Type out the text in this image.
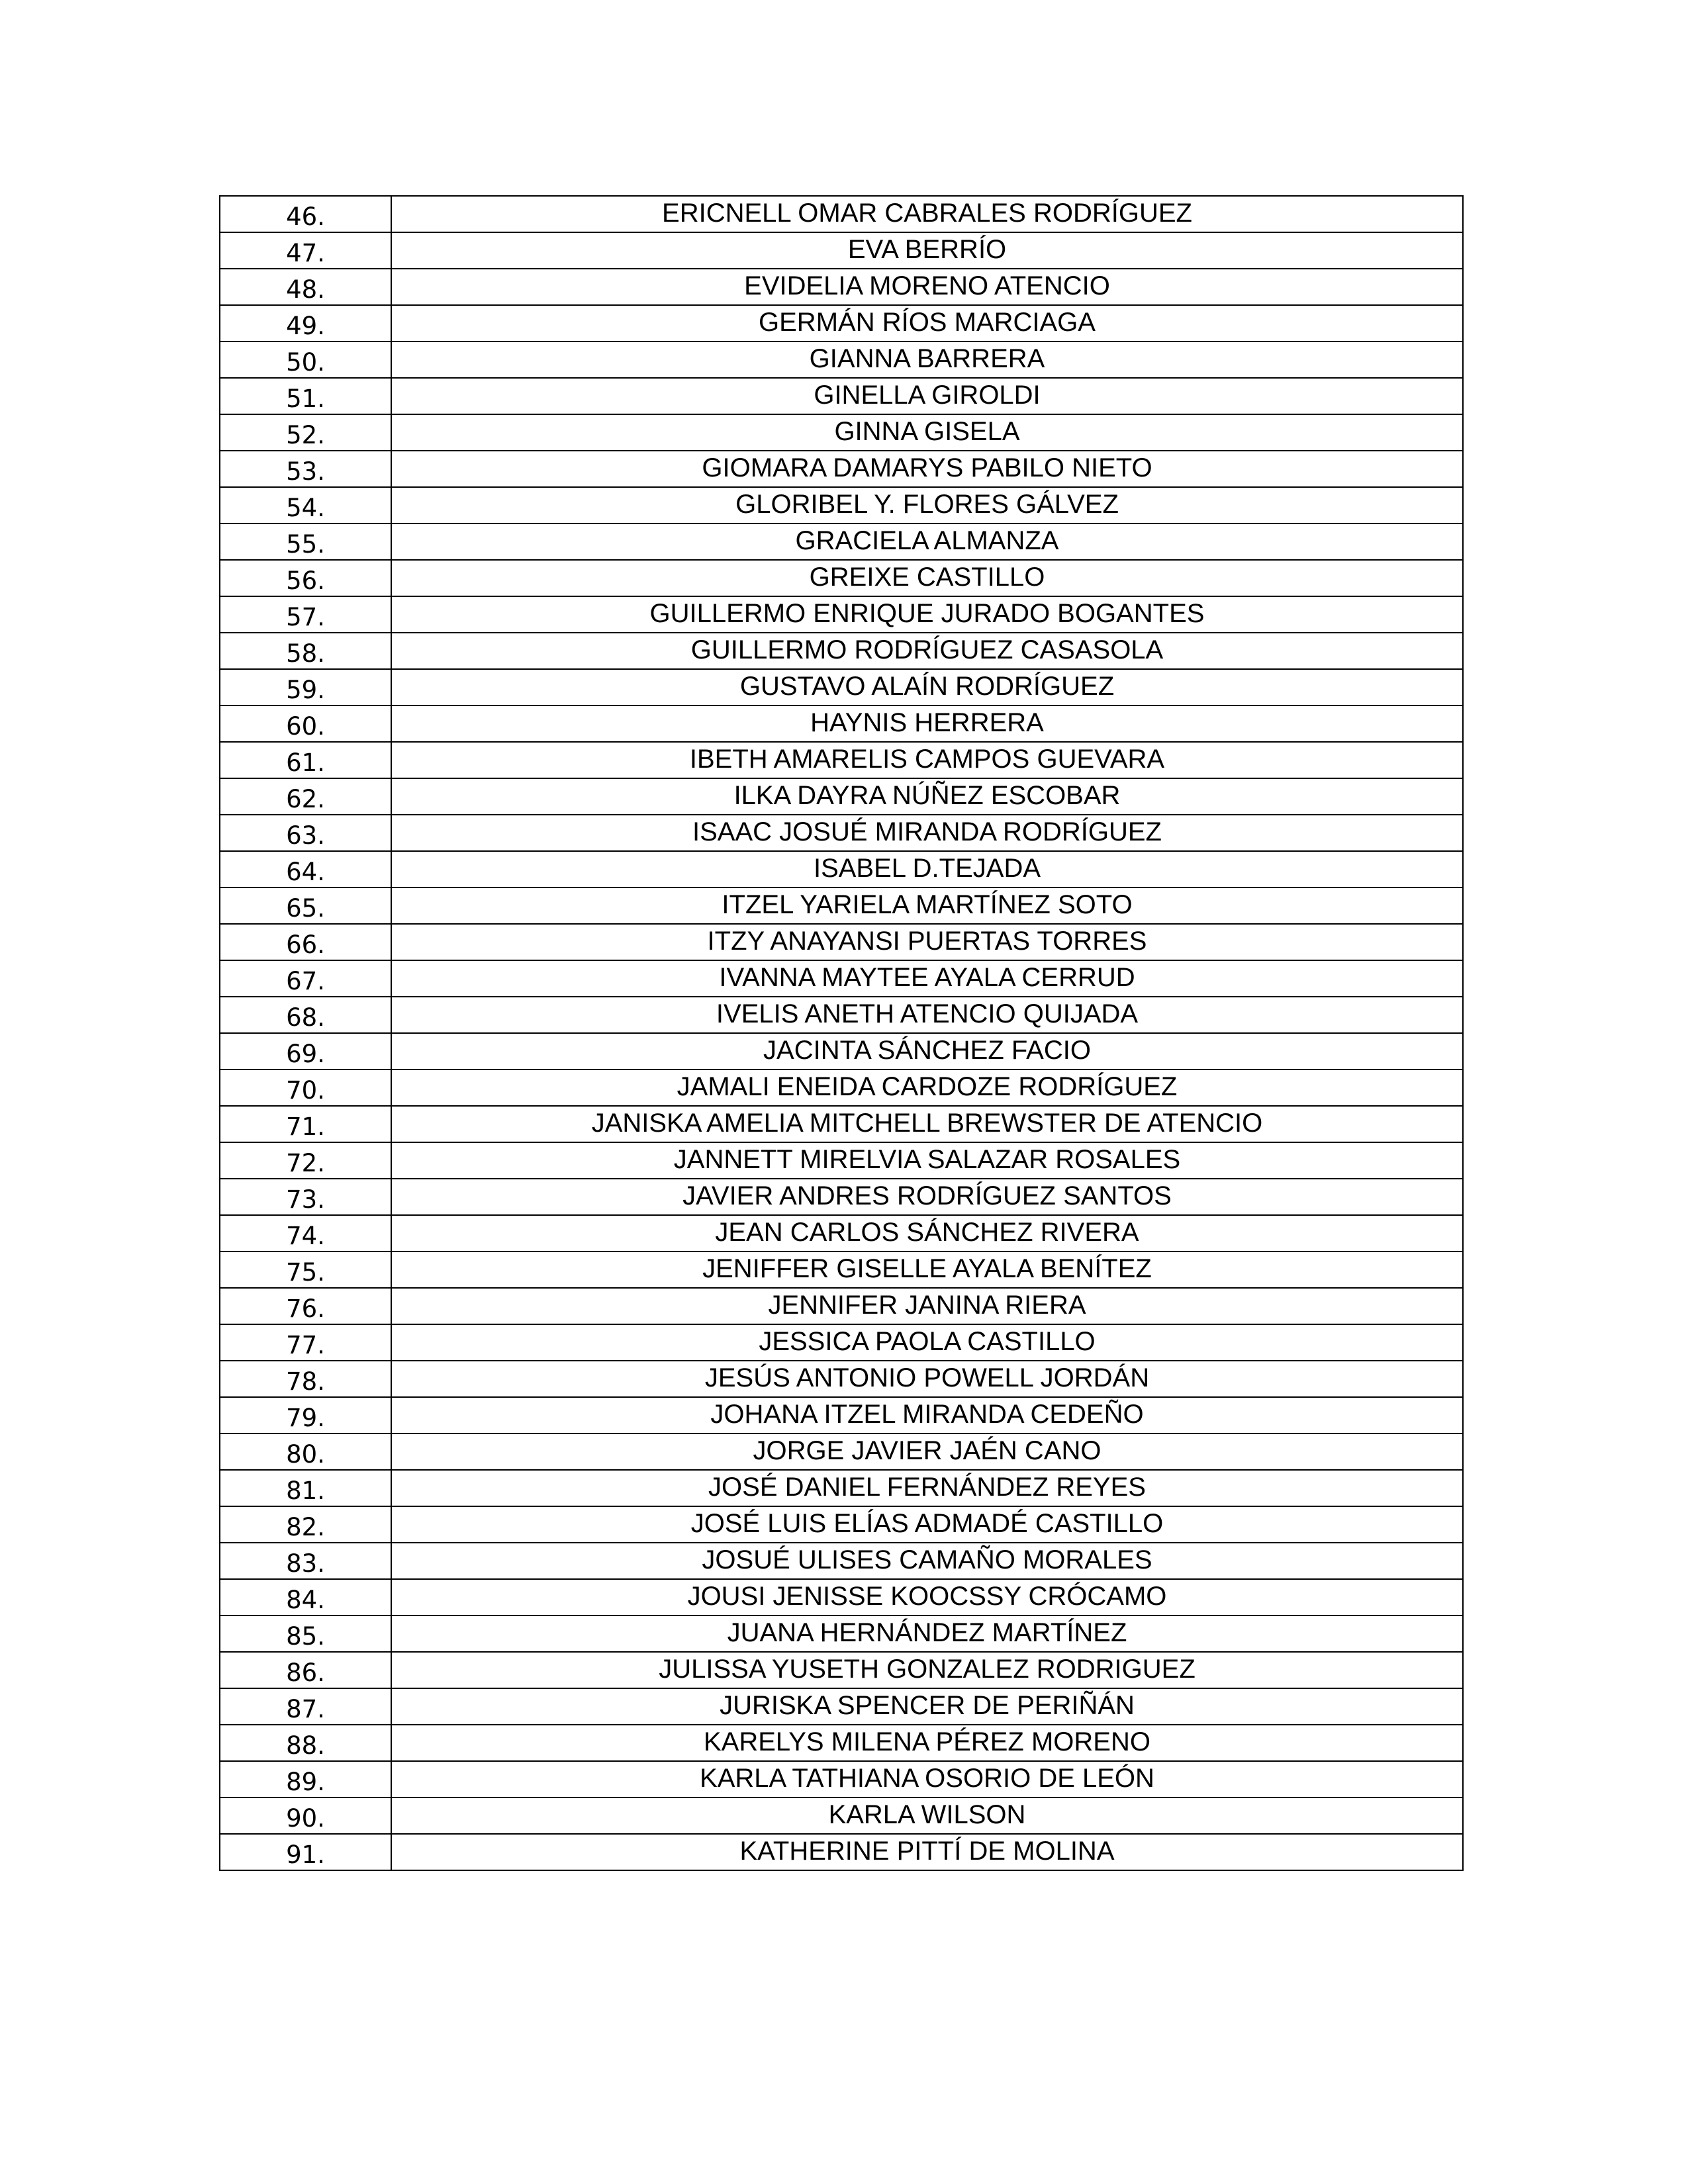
46.	ERICNELL OMAR CABRALES RODRÍGUEZ
47.	EVA BERRÍO
48.	EVIDELIA MORENO ATENCIO
49.	GERMÁN RÍOS MARCIAGA
50.	GIANNA BARRERA
51.	GINELLA GIROLDI
52.	GINNA GISELA
53.	GIOMARA DAMARYS PABILO NIETO
54.	GLORIBEL Y. FLORES GÁLVEZ
55.	GRACIELA ALMANZA
56.	GREIXE CASTILLO
57.	GUILLERMO ENRIQUE JURADO BOGANTES
58.	GUILLERMO RODRÍGUEZ CASASOLA
59.	GUSTAVO ALAÍN RODRÍGUEZ
60.	HAYNIS HERRERA
61.	IBETH AMARELIS CAMPOS GUEVARA
62.	ILKA DAYRA NÚÑEZ ESCOBAR
63.	ISAAC JOSUÉ MIRANDA RODRÍGUEZ
64.	ISABEL D.TEJADA
65.	ITZEL YARIELA MARTÍNEZ SOTO
66.	ITZY ANAYANSI PUERTAS TORRES
67.	IVANNA MAYTEE AYALA CERRUD
68.	IVELIS ANETH ATENCIO QUIJADA
69.	JACINTA SÁNCHEZ FACIO
70.	JAMALI ENEIDA CARDOZE RODRÍGUEZ
71.	JANISKA AMELIA MITCHELL BREWSTER DE ATENCIO
72.	JANNETT MIRELVIA SALAZAR ROSALES
73.	JAVIER ANDRES RODRÍGUEZ SANTOS
74.	JEAN CARLOS SÁNCHEZ RIVERA
75.	JENIFFER GISELLE AYALA BENÍTEZ
76.	JENNIFER JANINA RIERA
77.	JESSICA PAOLA CASTILLO
78.	JESÚS ANTONIO POWELL JORDÁN
79.	JOHANA ITZEL MIRANDA CEDEÑO
80.	JORGE JAVIER JAÉN CANO
81.	JOSÉ DANIEL FERNÁNDEZ REYES
82.	JOSÉ LUIS ELÍAS ADMADÉ CASTILLO
83.	JOSUÉ ULISES CAMAÑO MORALES
84.	JOUSI JENISSE KOOCSSY CRÓCAMO
85.	JUANA HERNÁNDEZ MARTÍNEZ
86.	JULISSA YUSETH GONZALEZ RODRIGUEZ
87.	JURISKA SPENCER DE PERIÑÁN
88.	KARELYS MILENA PÉREZ MORENO
89.	KARLA TATHIANA OSORIO DE LEÓN
90.	KARLA WILSON
91.	KATHERINE PITTÍ DE MOLINA
